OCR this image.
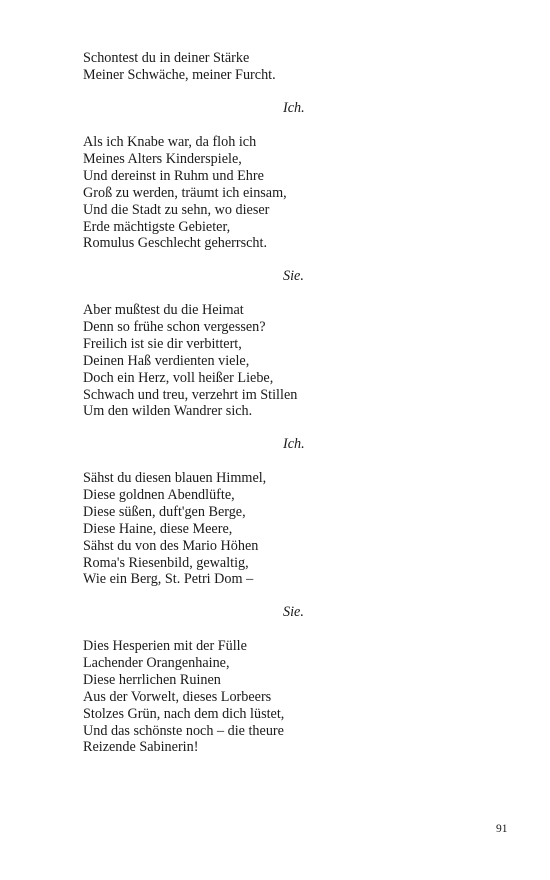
Schontest du in deiner Stärke
Meiner Schwäche, meiner Furcht.
Ich.
Als ich Knabe war, da floh ich
Meines Alters Kinderspiele,
Und dereinst in Ruhm und Ehre
Groß zu werden, träumt ich einsam,
Und die Stadt zu sehn, wo dieser
Erde mächtigste Gebieter,
Romulus Geschlecht geherrscht.
Sie.
Aber mußtest du die Heimat
Denn so frühe schon vergessen?
Freilich ist sie dir verbittert,
Deinen Haß verdienten viele,
Doch ein Herz, voll heißer Liebe,
Schwach und treu, verzehrt im Stillen
Um den wilden Wandrer sich.
Ich.
Sähst du diesen blauen Himmel,
Diese goldnen Abendlüfte,
Diese süßen, duft'gen Berge,
Diese Haine, diese Meere,
Sähst du von des Mario Höhen
Roma's Riesenbild, gewaltig,
Wie ein Berg, St. Petri Dom –
Sie.
Dies Hesperien mit der Fülle
Lachender Orangenhaine,
Diese herrlichen Ruinen
Aus der Vorwelt, dieses Lorbeers
Stolzes Grün, nach dem dich lüstet,
Und das schönste noch – die theure
Reizende Sabinerin!
91
